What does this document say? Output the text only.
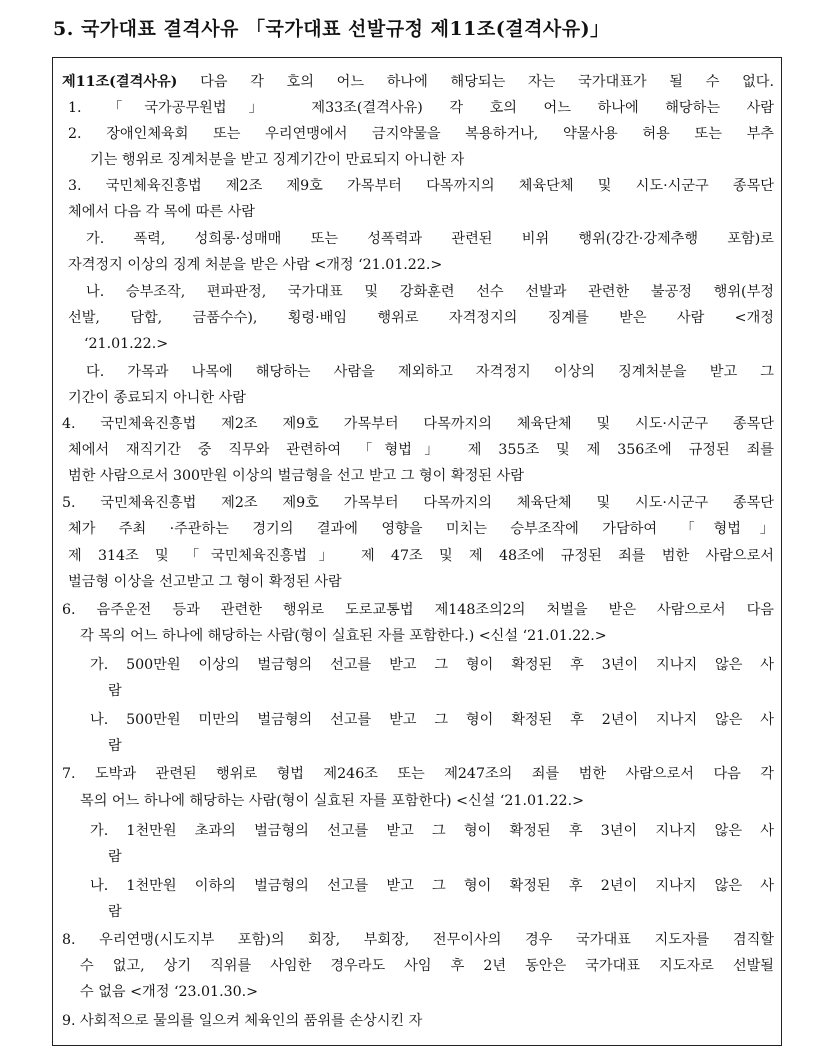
5. 국가대표 결격사유 「국가대표 선발규정 제11조(결격사유)」
제11조(결격사유) 다음 각 호의 어느 하나에 해당되는 자는 국가대표가 될 수 없다.
1. 「국가공무원법」 제33조(결격사유) 각 호의 어느 하나에 해당하는 사람
2. 장애인체육회 또는 우리연맹에서 금지약물을 복용하거나, 약물사용 허용 또는 부추
기는 행위로 징계처분을 받고 징계기간이 만료되지 아니한 자
3. 국민체육진흥법 제2조 제9호 가목부터 다목까지의 체육단체 및 시도·시군구 종목단
체에서 다음 각 목에 따른 사람
가. 폭력, 성희롱·성매매 또는 성폭력과 관련된 비위 행위(강간·강제추행 포함)로
자격정지 이상의 징계 처분을 받은 사람 <개정 ‘21.01.22.>
나. 승부조작, 편파판정, 국가대표 및 강화훈련 선수 선발과 관련한 불공정 행위(부정
선발, 담합, 금품수수), 횡령·배임 행위로 자격정지의 징계를 받은 사람 <개정
‘21.01.22.>
다. 가목과 나목에 해당하는 사람을 제외하고 자격정지 이상의 징계처분을 받고 그
기간이 종료되지 아니한 사람
4. 국민체육진흥법 제2조 제9호 가목부터 다목까지의 체육단체 및 시도·시군구 종목단
체에서 재직기간 중 직무와 관련하여 「형법」 제 355조 및 제 356조에 규정된 죄를
범한 사람으로서 300만원 이상의 벌금형을 선고 받고 그 형이 확정된 사람
5. 국민체육진흥법 제2조 제9호 가목부터 다목까지의 체육단체 및 시도·시군구 종목단
체가 주최 ·주관하는 경기의 결과에 영향을 미치는 승부조작에 가담하여 「형법」
제 314조 및 「국민체육진흥법」 제 47조 및 제 48조에 규정된 죄를 범한 사람으로서
벌금형 이상을 선고받고 그 형이 확정된 사람
6. 음주운전 등과 관련한 행위로 도로교통법 제148조의2의 처벌을 받은 사람으로서 다음
각 목의 어느 하나에 해당하는 사람(형이 실효된 자를 포함한다.) <신설 ‘21.01.22.>
가. 500만원 이상의 벌금형의 선고를 받고 그 형이 확정된 후 3년이 지나지 않은 사
람
나. 500만원 미만의 벌금형의 선고를 받고 그 형이 확정된 후 2년이 지나지 않은 사
람
7. 도박과 관련된 행위로 형법 제246조 또는 제247조의 죄를 범한 사람으로서 다음 각
목의 어느 하나에 해당하는 사람(형이 실효된 자를 포함한다) <신설 ‘21.01.22.>
가. 1천만원 초과의 벌금형의 선고를 받고 그 형이 확정된 후 3년이 지나지 않은 사
람
나. 1천만원 이하의 벌금형의 선고를 받고 그 형이 확정된 후 2년이 지나지 않은 사
람
8. 우리연맹(시도지부 포함)의 회장, 부회장, 전무이사의 경우 국가대표 지도자를 겸직할
수 없고, 상기 직위를 사임한 경우라도 사임 후 2년 동안은 국가대표 지도자로 선발될
수 없음 <개정 ‘23.01.30.>
9. 사회적으로 물의를 일으켜 체육인의 품위를 손상시킨 자
